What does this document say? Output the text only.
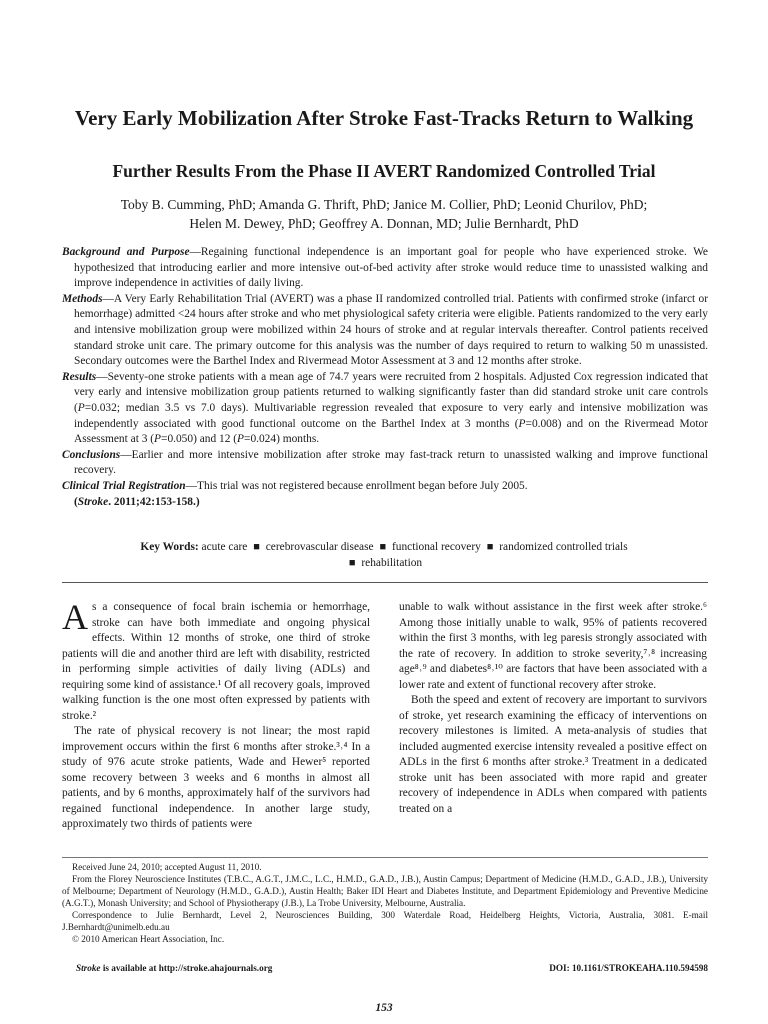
Very Early Mobilization After Stroke Fast-Tracks Return to Walking
Further Results From the Phase II AVERT Randomized Controlled Trial
Toby B. Cumming, PhD; Amanda G. Thrift, PhD; Janice M. Collier, PhD; Leonid Churilov, PhD;
Helen M. Dewey, PhD; Geoffrey A. Donnan, MD; Julie Bernhardt, PhD

Background and Purpose—Regaining functional independence is an important goal for people who have experienced stroke. We hypothesized that introducing earlier and more intensive out-of-bed activity after stroke would reduce time to unassisted walking and improve independence in activities of daily living.

Methods—A Very Early Rehabilitation Trial (AVERT) was a phase II randomized controlled trial. Patients with confirmed stroke (infarct or hemorrhage) admitted <24 hours after stroke and who met physiological safety criteria were eligible. Patients randomized to the very early and intensive mobilization group were mobilized within 24 hours of stroke and at regular intervals thereafter. Control patients received standard stroke unit care. The primary outcome for this analysis was the number of days required to return to walking 50 m unassisted. Secondary outcomes were the Barthel Index and Rivermead Motor Assessment at 3 and 12 months after stroke.

Results—Seventy-one stroke patients with a mean age of 74.7 years were recruited from 2 hospitals. Adjusted Cox regression indicated that very early and intensive mobilization group patients returned to walking significantly faster than did standard stroke unit care controls (P=0.032; median 3.5 vs 7.0 days). Multivariable regression revealed that exposure to very early and intensive mobilization was independently associated with good functional outcome on the Barthel Index at 3 months (P=0.008) and on the Rivermead Motor Assessment at 3 (P=0.050) and 12 (P=0.024) months.

Conclusions—Earlier and more intensive mobilization after stroke may fast-track return to unassisted walking and improve functional recovery.

Clinical Trial Registration—This trial was not registered because enrollment began before July 2005.

(Stroke. 2011;42:153-158.)

Key Words: acute care ■ cerebrovascular disease ■ functional recovery ■ randomized controlled trials
■ rehabilitation

As a consequence of focal brain ischemia or hemorrhage, stroke can have both immediate and ongoing physical effects. Within 12 months of stroke, one third of stroke patients will die and another third are left with disability, restricted in performing simple activities of daily living (ADLs) and requiring some kind of assistance.¹ Of all recovery goals, improved walking function is the one most often expressed by patients with stroke.²

The rate of physical recovery is not linear; the most rapid improvement occurs within the first 6 months after stroke.³˒⁴ In a study of 976 acute stroke patients, Wade and Hewer⁵ reported some recovery between 3 weeks and 6 months in almost all patients, and by 6 months, approximately half of the survivors had regained functional independence. In another large study, approximately two thirds of patients were

unable to walk without assistance in the first week after stroke.⁶ Among those initially unable to walk, 95% of patients recovered within the first 3 months, with leg paresis strongly associated with the rate of recovery. In addition to stroke severity,⁷˒⁸ increasing age⁸˒⁹ and diabetes⁸˒¹⁰ are factors that have been associated with a lower rate and extent of functional recovery after stroke.

Both the speed and extent of recovery are important to survivors of stroke, yet research examining the efficacy of interventions on recovery milestones is limited. A meta-analysis of studies that included augmented exercise intensity revealed a positive effect on ADLs in the first 6 months after stroke.³ Treatment in a dedicated stroke unit has been associated with more rapid and greater recovery of independence in ADLs when compared with patients treated on a

Received June 24, 2010; accepted August 11, 2010.

From the Florey Neuroscience Institutes (T.B.C., A.G.T., J.M.C., L.C., H.M.D., G.A.D., J.B.), Austin Campus; Department of Medicine (H.M.D., G.A.D., J.B.), University of Melbourne; Department of Neurology (H.M.D., G.A.D.), Austin Health; Baker IDI Heart and Diabetes Institute, and Department Epidemiology and Preventive Medicine (A.G.T.), Monash University; and School of Physiotherapy (J.B.), La Trobe University, Melbourne, Australia.

Correspondence to Julie Bernhardt, Level 2, Neurosciences Building, 300 Waterdale Road, Heidelberg Heights, Victoria, Australia, 3081. E-mail J.Bernhardt@unimelb.edu.au

© 2010 American Heart Association, Inc.

Stroke is available at http://stroke.ahajournals.org	DOI: 10.1161/STROKEAHA.110.594598
153
